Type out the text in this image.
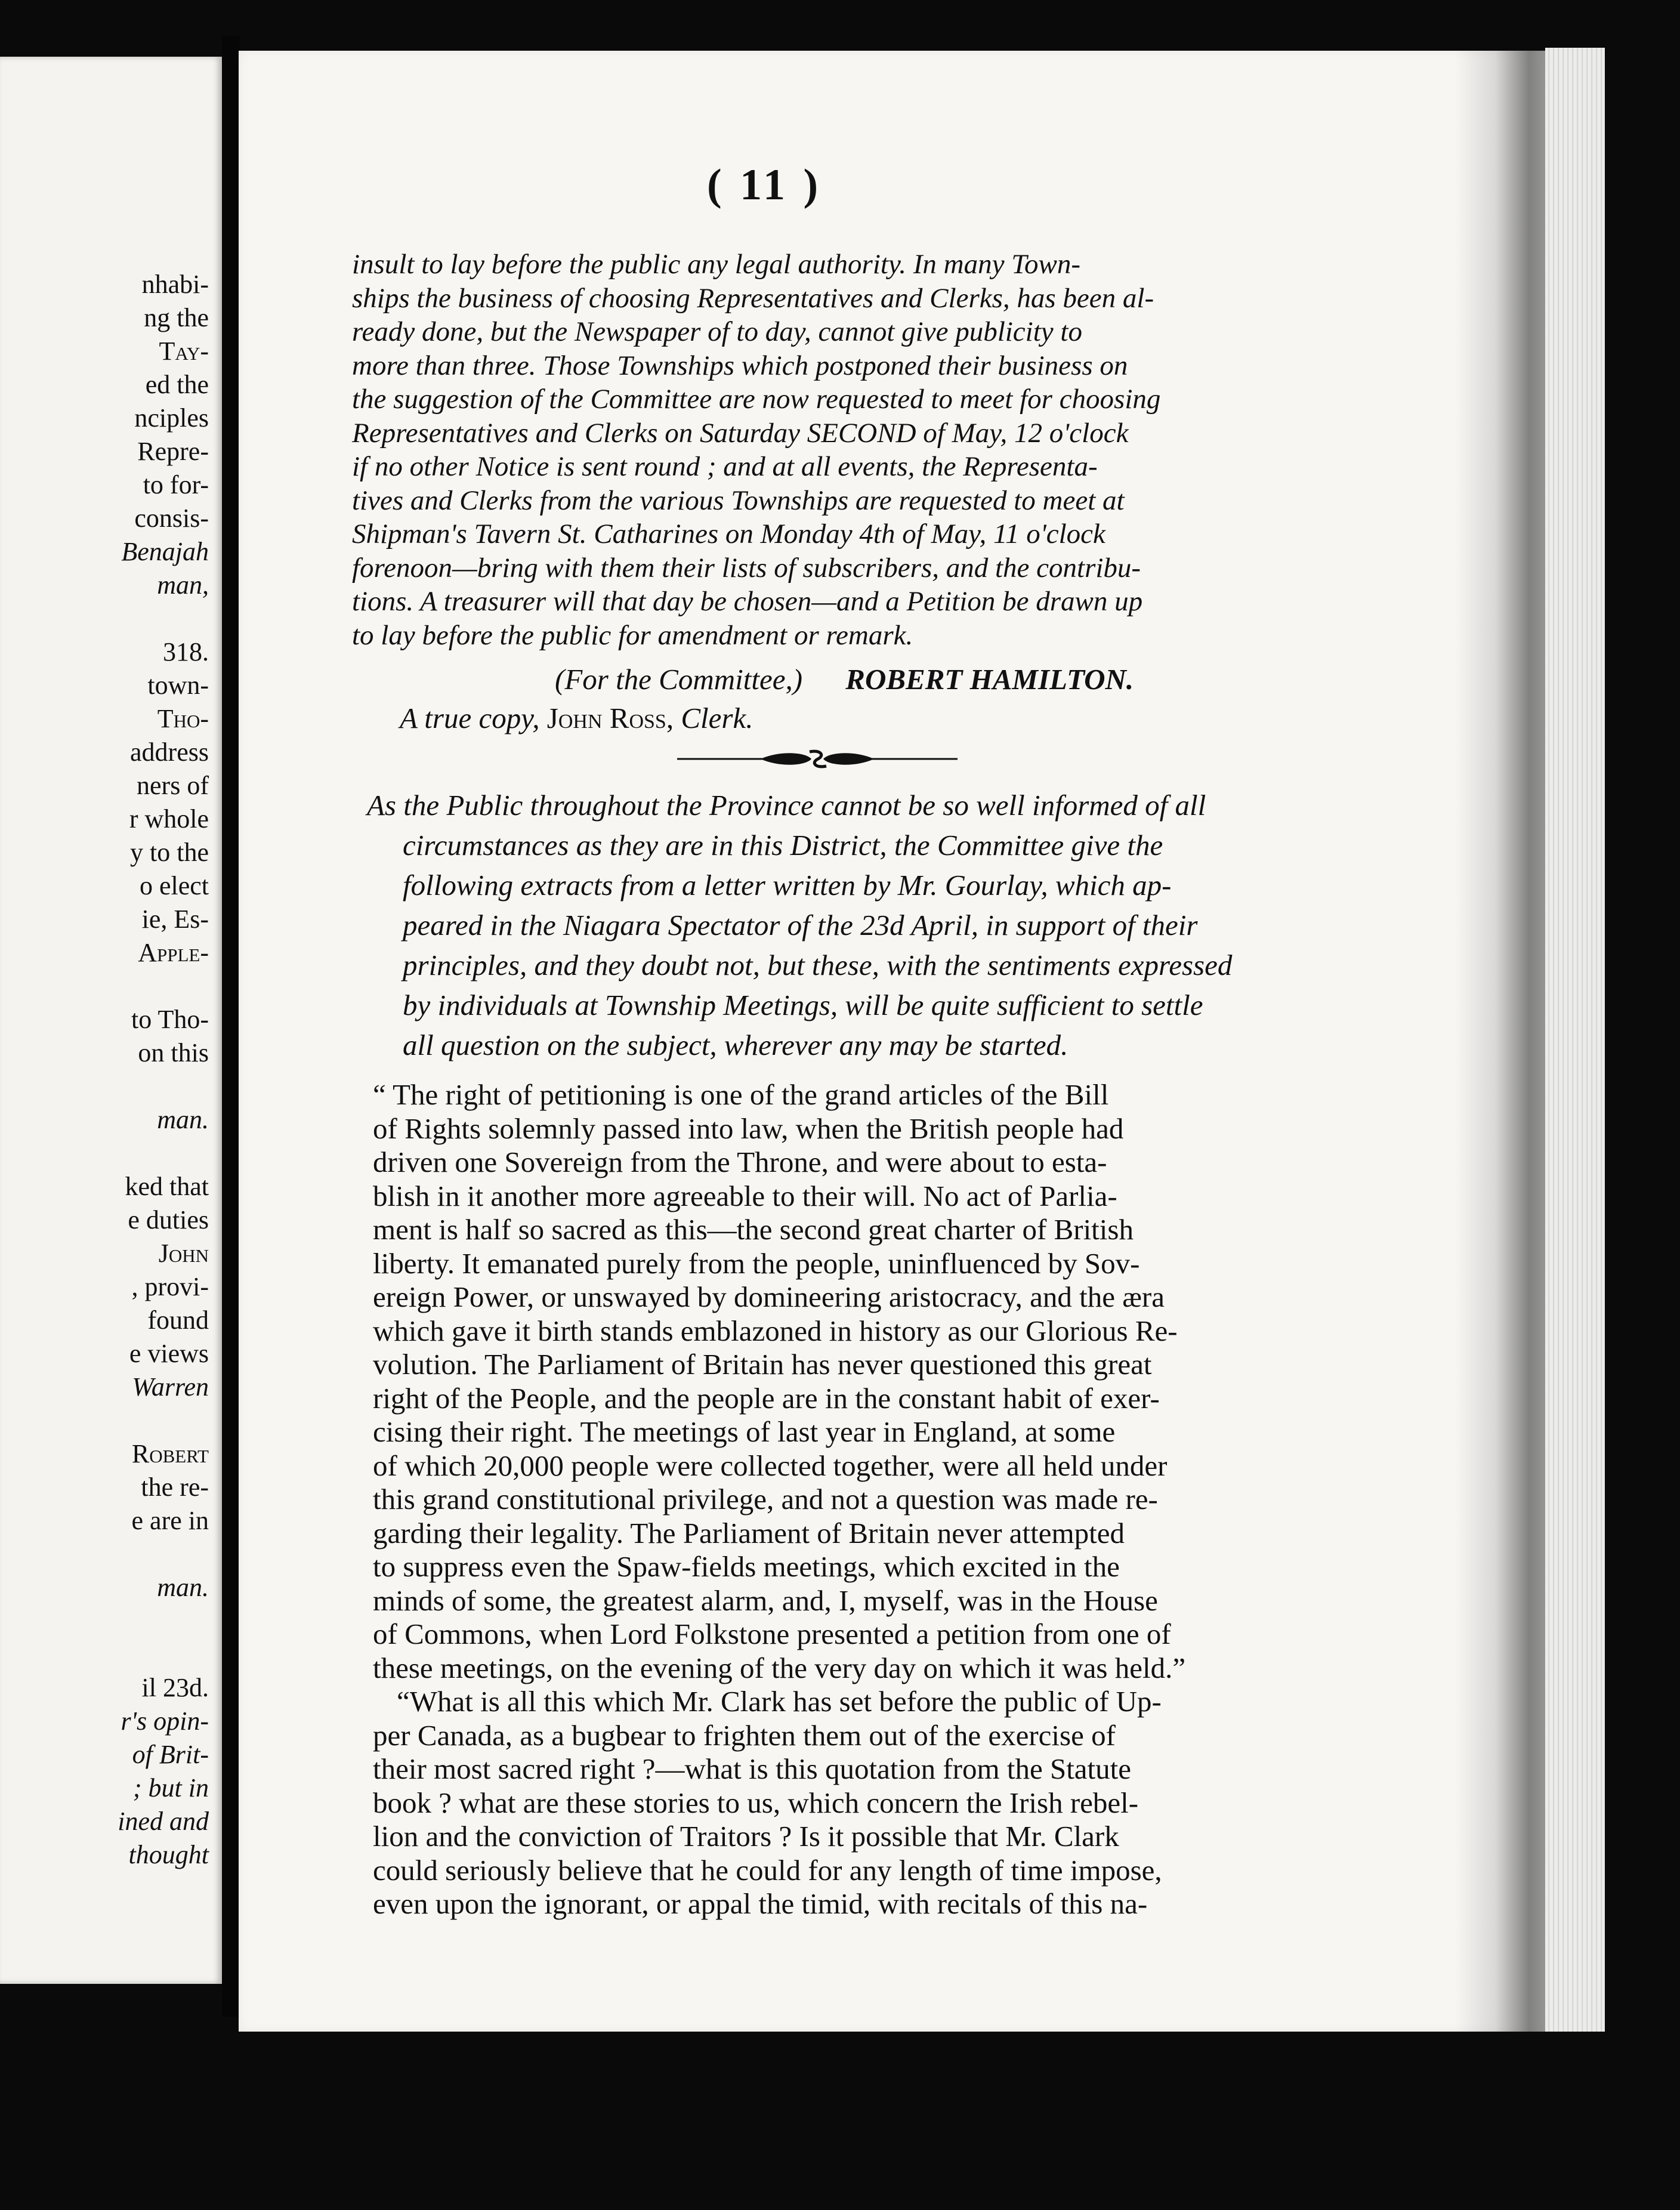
nhabi-
ng the
Tay-
ed the
nciples
Repre-
to for-
consis-
Benajah
man,
318.
town-
Tho-
address
ners of
r whole
y to the
o elect
ie, Es-
Apple-
to Tho-
on this
man.
ked that
e duties
John
, provi-
found
e views
Warren
Robert
the re-
e are in
man.
il 23d.
r's opin-
of Brit-
; but in
ined and
thought
( 11 )
insult to lay before the public any legal authority. In many Town-
ships the business of choosing Representatives and Clerks, has been al-
ready done, but the Newspaper of to day, cannot give publicity to
more than three. Those Townships which postponed their business on
the suggestion of the Committee are now requested to meet for choosing
Representatives and Clerks on Saturday SECOND of May, 12 o'clock
if no other Notice is sent round ; and at all events, the Representa-
tives and Clerks from the various Townships are requested to meet at
Shipman's Tavern St. Catharines on Monday 4th of May, 11 o'clock
forenoon—bring with them their lists of subscribers, and the contribu-
tions. A treasurer will that day be chosen—and a Petition be drawn up
to lay before the public for amendment or remark.
(For the Committee,) ROBERT HAMILTON.
A true copy, John Ross, Clerk.
As the Public throughout the Province cannot be so well informed of all
circumstances as they are in this District, the Committee give the
following extracts from a letter written by Mr. Gourlay, which ap-
peared in the Niagara Spectator of the 23d April, in support of their
principles, and they doubt not, but these, with the sentiments expressed
by individuals at Township Meetings, will be quite sufficient to settle
all question on the subject, wherever any may be started.
“ The right of petitioning is one of the grand articles of the Bill
of Rights solemnly passed into law, when the British people had
driven one Sovereign from the Throne, and were about to esta-
blish in it another more agreeable to their will. No act of Parlia-
ment is half so sacred as this—the second great charter of British
liberty. It emanated purely from the people, uninfluenced by Sov-
ereign Power, or unswayed by domineering aristocracy, and the æra
which gave it birth stands emblazoned in history as our Glorious Re-
volution. The Parliament of Britain has never questioned this great
right of the People, and the people are in the constant habit of exer-
cising their right. The meetings of last year in England, at some
of which 20,000 people were collected together, were all held under
this grand constitutional privilege, and not a question was made re-
garding their legality. The Parliament of Britain never attempted
to suppress even the Spaw-fields meetings, which excited in the
minds of some, the greatest alarm, and, I, myself, was in the House
of Commons, when Lord Folkstone presented a petition from one of
these meetings, on the evening of the very day on which it was held.”
“What is all this which Mr. Clark has set before the public of Up-
per Canada, as a bugbear to frighten them out of the exercise of
their most sacred right ?—what is this quotation from the Statute
book ? what are these stories to us, which concern the Irish rebel-
lion and the conviction of Traitors ? Is it possible that Mr. Clark
could seriously believe that he could for any length of time impose,
even upon the ignorant, or appal the timid, with recitals of this na-
